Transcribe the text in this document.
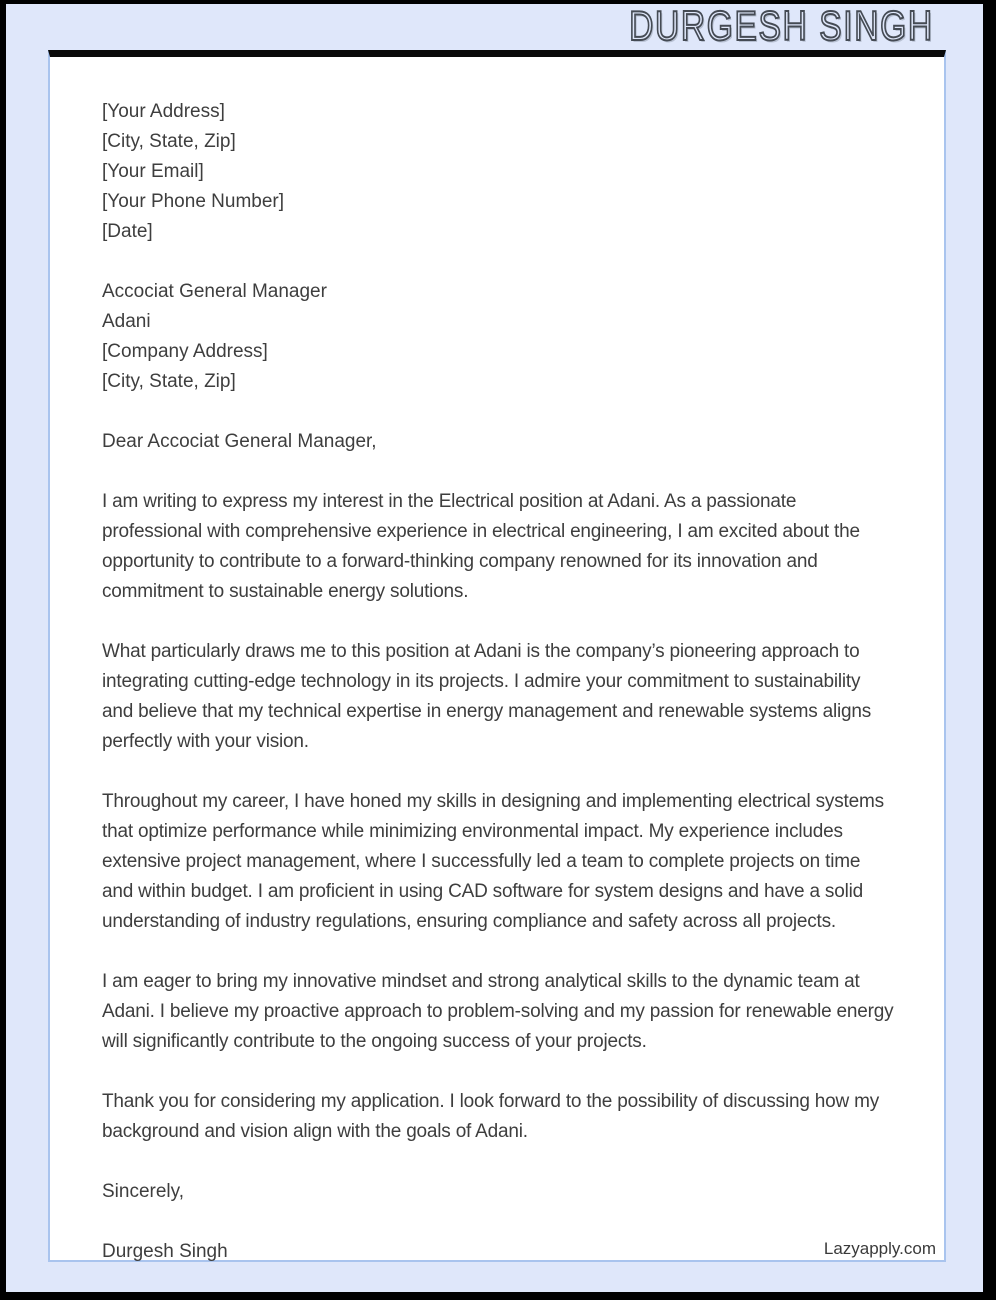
DURGESH SINGH
[Your Address]
[City, State, Zip]
[Your Email]
[Your Phone Number]
[Date]
Accociat General Manager
Adani
[Company Address]
[City, State, Zip]
Dear Accociat General Manager,
I am writing to express my interest in the Electrical position at Adani. As a passionate professional with comprehensive experience in electrical engineering, I am excited about the opportunity to contribute to a forward-thinking company renowned for its innovation and commitment to sustainable energy solutions.
What particularly draws me to this position at Adani is the company’s pioneering approach to integrating cutting-edge technology in its projects. I admire your commitment to sustainability and believe that my technical expertise in energy management and renewable systems aligns perfectly with your vision.
Throughout my career, I have honed my skills in designing and implementing electrical systems that optimize performance while minimizing environmental impact. My experience includes extensive project management, where I successfully led a team to complete projects on time and within budget. I am proficient in using CAD software for system designs and have a solid understanding of industry regulations, ensuring compliance and safety across all projects.
I am eager to bring my innovative mindset and strong analytical skills to the dynamic team at Adani. I believe my proactive approach to problem-solving and my passion for renewable energy will significantly contribute to the ongoing success of your projects.
Thank you for considering my application. I look forward to the possibility of discussing how my background and vision align with the goals of Adani.
Sincerely,
Durgesh Singh	Lazyapply.com
